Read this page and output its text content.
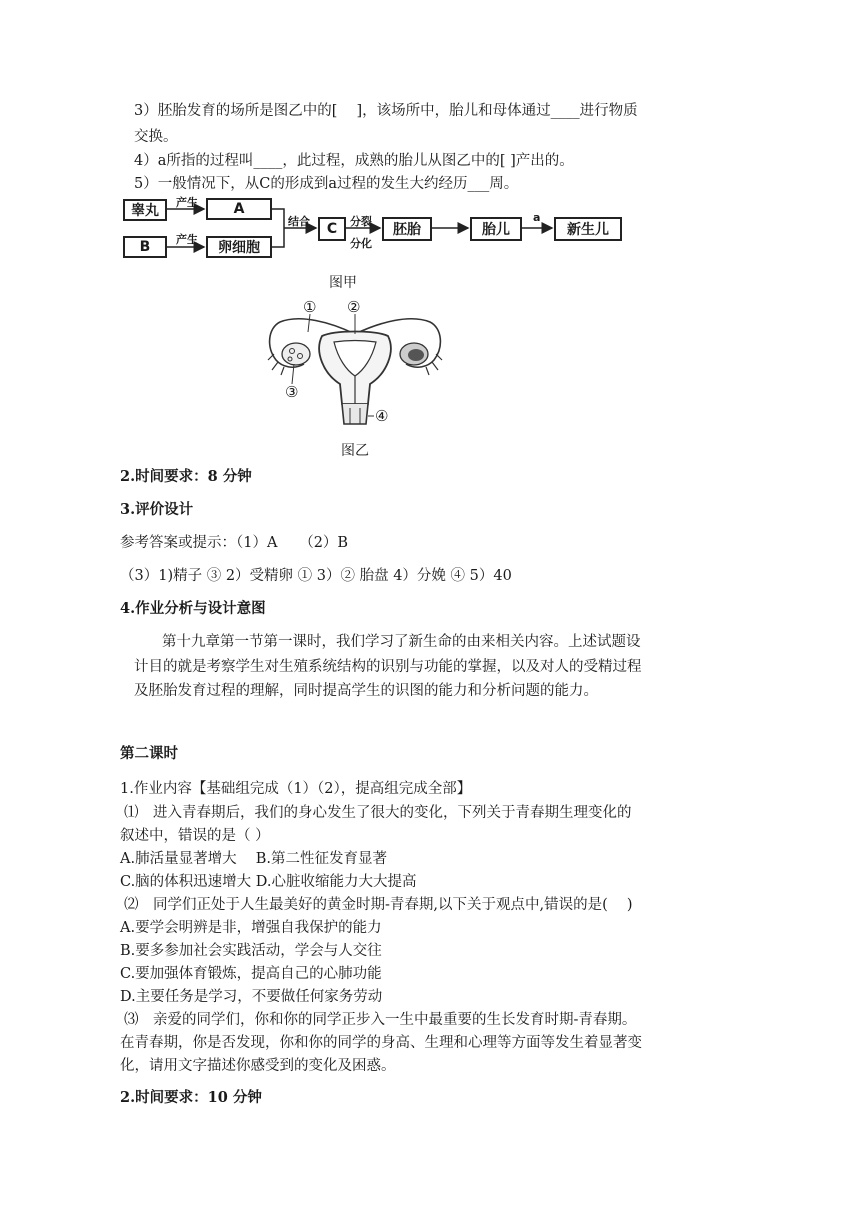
3）胚胎发育的场所是图乙中的[　 ]，该场所中，胎儿和母体通过____进行物质
交换。
4）a所指的过程叫____，此过程，成熟的胎儿从图乙中的[ ]产出的。
5）一般情况下，从C的形成到a过程的发生大约经历___周。
睾丸
产生	A
B	产生
卵细胞
结合	C	分裂
分化
胚胎	胎儿
a
新生儿
图甲
① ②
③
④
图乙
2.时间要求：8 分钟
3.评价设计
参考答案或提示：（1）A　　（2）B
（3）1)精子 ③ 2）受精卵 ① 3）② 胎盘 4）分娩 ④ 5）40
4.作业分析与设计意图
第十九章第一节第一课时，我们学习了新生命的由来相关内容。上述试题设
计目的就是考察学生对生殖系统结构的识别与功能的掌握，以及对人的受精过程
及胚胎发育过程的理解，同时提高学生的识图的能力和分析问题的能力。
第二课时
1.作业内容【基础组完成（1）（2），提高组完成全部】
⑴　进入青春期后，我们的身心发生了很大的变化，下列关于青春期生理变化的
叙述中，错误的是（ ）
A.肺活量显著增大　 B.第二性征发育显著
C.脑的体积迅速增大 D.心脏收缩能力大大提高
⑵　同学们正处于人生最美好的黄金时期-青春期,以下关于观点中,错误的是(　 )
A.要学会明辨是非，增强自我保护的能力
B.要多参加社会实践活动，学会与人交往
C.要加强体育锻炼，提高自己的心肺功能
D.主要任务是学习，不要做任何家务劳动
⑶　亲爱的同学们，你和你的同学正步入一生中最重要的生长发育时期-青春期。
在青春期，你是否发现，你和你的同学的身高、生理和心理等方面等发生着显著变
化，请用文字描述你感受到的变化及困惑。
2.时间要求：10 分钟
